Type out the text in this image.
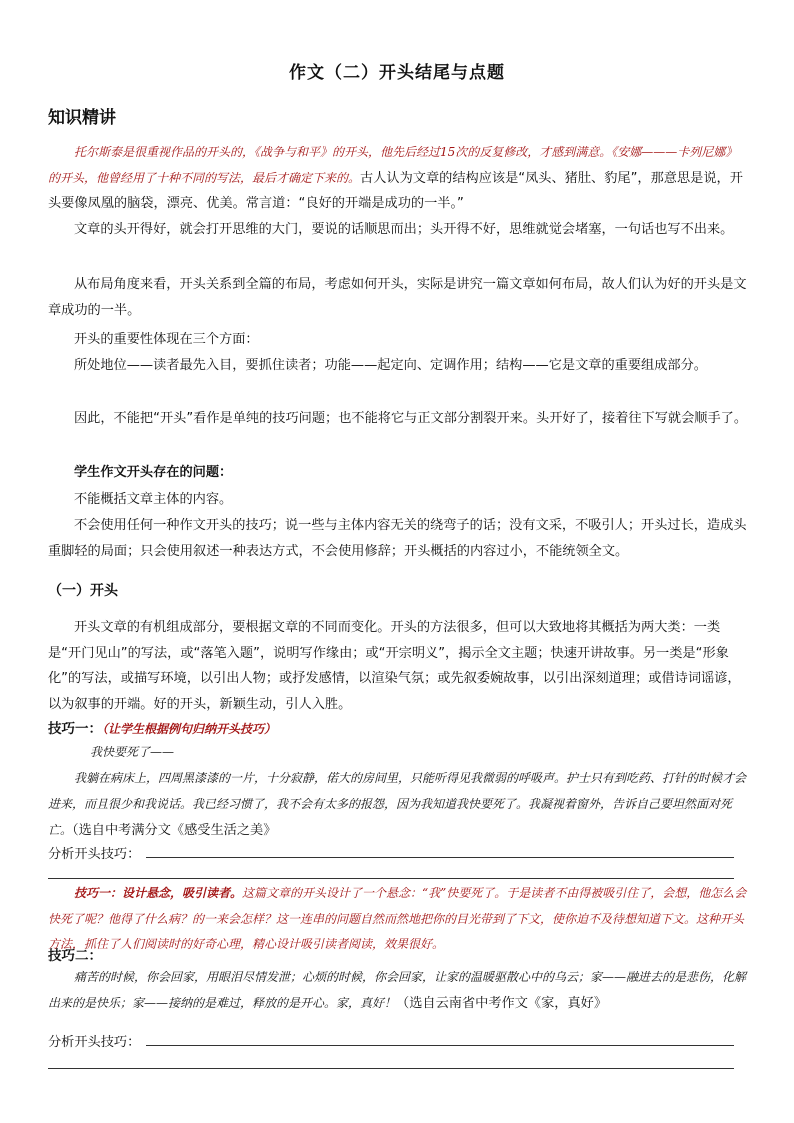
作文（二）开头结尾与点题
知识精讲

托尔斯泰是很重视作品的开头的，《战争与和平》的开头，他先后经过15次的反复修改，才感到满意。《安娜———卡列尼娜》的开头，他曾经用了十种不同的写法，最后才确定下来的。古人认为文章的结构应该是“凤头、猪肚、豹尾”，那意思是说，开头要像凤凰的脑袋，漂亮、优美。常言道：“良好的开端是成功的一半。”

文章的头开得好，就会打开思维的大门，要说的话顺思而出；头开得不好，思维就觉会堵塞，一句话也写不出来。

从布局角度来看，开头关系到全篇的布局，考虑如何开头，实际是讲究一篇文章如何布局，故人们认为好的开头是文章成功的一半。

开头的重要性体现在三个方面：

所处地位——读者最先入目，要抓住读者；功能——起定向、定调作用；结构——它是文章的重要组成部分。

因此，不能把“开头”看作是单纯的技巧问题；也不能将它与正文部分割裂开来。头开好了，接着往下写就会顺手了。

学生作文开头存在的问题：

不能概括文章主体的内容。

不会使用任何一种作文开头的技巧；说一些与主体内容无关的绕弯子的话；没有文采，不吸引人；开头过长，造成头重脚轻的局面；只会使用叙述一种表达方式，不会使用修辞；开头概括的内容过小，不能统领全文。

（一）开头

开头文章的有机组成部分，要根据文章的不同而变化。开头的方法很多，但可以大致地将其概括为两大类：一类是“开门见山”的写法，或“落笔入题”，说明写作缘由；或“开宗明义”，揭示全文主题；快速开讲故事。另一类是“形象化”的写法，或描写环境，以引出人物；或抒发感情，以渲染气氛；或先叙委婉故事，以引出深刻道理；或借诗词谣谚，以为叙事的开端。好的开头，新颖生动，引人入胜。

技巧一：（让学生根据例句归纳开头技巧）

我快要死了——

我躺在病床上，四周黑漆漆的一片，十分寂静，偌大的房间里，只能听得见我微弱的呼吸声。护士只有到吃药、打针的时候才会进来，而且很少和我说话。我已经习惯了，我不会有太多的报怨，因为我知道我快要死了。我凝视着窗外，告诉自己要坦然面对死亡。（选自中考满分文《感受生活之美》

分析开头技巧：

技巧一：设计悬念，吸引读者。这篇文章的开头设计了一个悬念：“我”快要死了。于是读者不由得被吸引住了，会想，他怎么会快死了呢？他得了什么病？的一来会怎样？这一连串的问题自然而然地把你的目光带到了下文，使你迫不及待想知道下文。这种开头方法，抓住了人们阅读时的好奇心理，精心设计吸引读者阅读，效果很好。

技巧二：

痛苦的时候，你会回家，用眼泪尽情发泄；心烦的时候，你会回家，让家的温暖驱散心中的乌云；家——融进去的是悲伤，化解出来的是快乐；家——接纳的是难过，释放的是开心。家，真好！（选自云南省中考作文《家，真好》

分析开头技巧：
